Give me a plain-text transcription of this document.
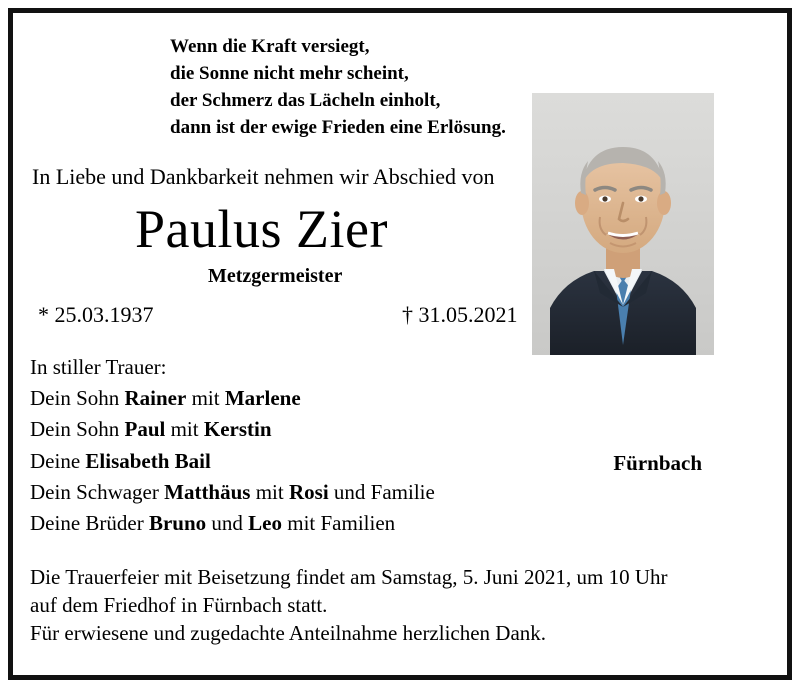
Wenn die Kraft versiegt,
die Sonne nicht mehr scheint,
der Schmerz das Lächeln einholt,
dann ist der ewige Frieden eine Erlösung.
In Liebe und Dankbarkeit nehmen wir Abschied von
Paulus Zier
Metzgermeister
* 25.03.1937	† 31.05.2021
In stiller Trauer:
Dein Sohn Rainer mit Marlene
Dein Sohn Paul mit Kerstin
Deine Elisabeth Bail
Dein Schwager Matthäus mit Rosi und Familie
Deine Brüder Bruno und Leo mit Familien
Fürnbach
Die Trauerfeier mit Beisetzung findet am Samstag, 5. Juni 2021, um 10 Uhr
auf dem Friedhof in Fürnbach statt.
Für erwiesene und zugedachte Anteilnahme herzlichen Dank.
